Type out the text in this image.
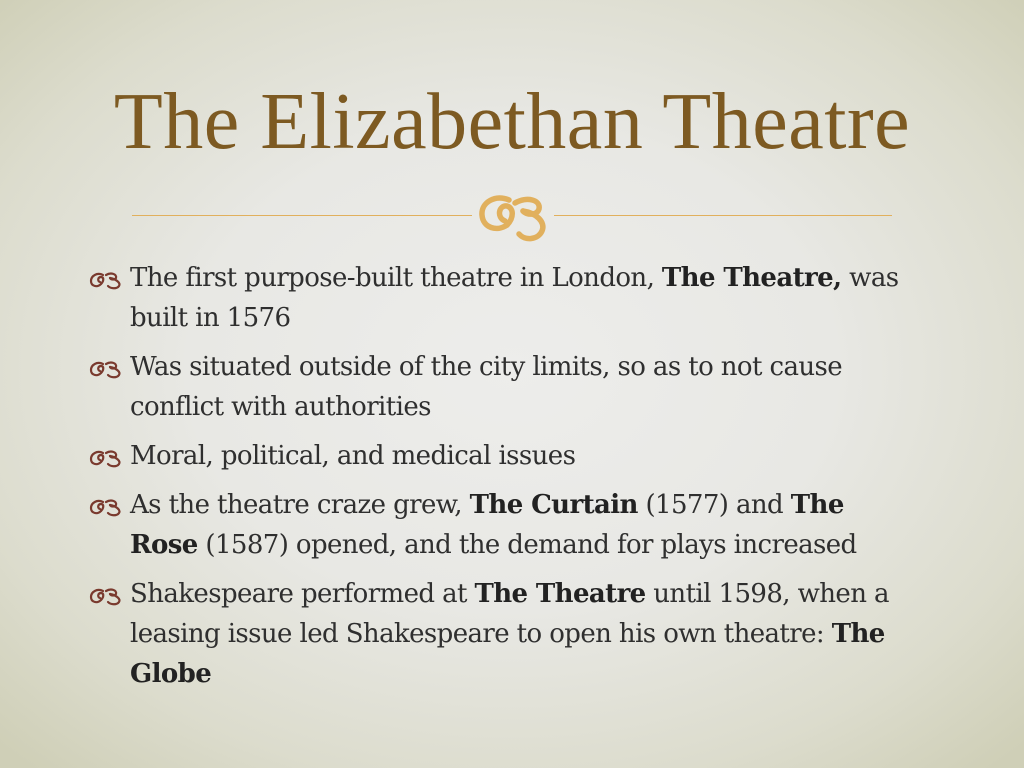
The Elizabethan Theatre
The first purpose-built theatre in London, The Theatre, was built in 1576
Was situated outside of the city limits, so as to not cause conflict with authorities
Moral, political, and medical issues
As the theatre craze grew, The Curtain (1577) and The Rose (1587) opened, and the demand for plays increased
Shakespeare performed at The Theatre until 1598, when a leasing issue led Shakespeare to open his own theatre: The Globe
